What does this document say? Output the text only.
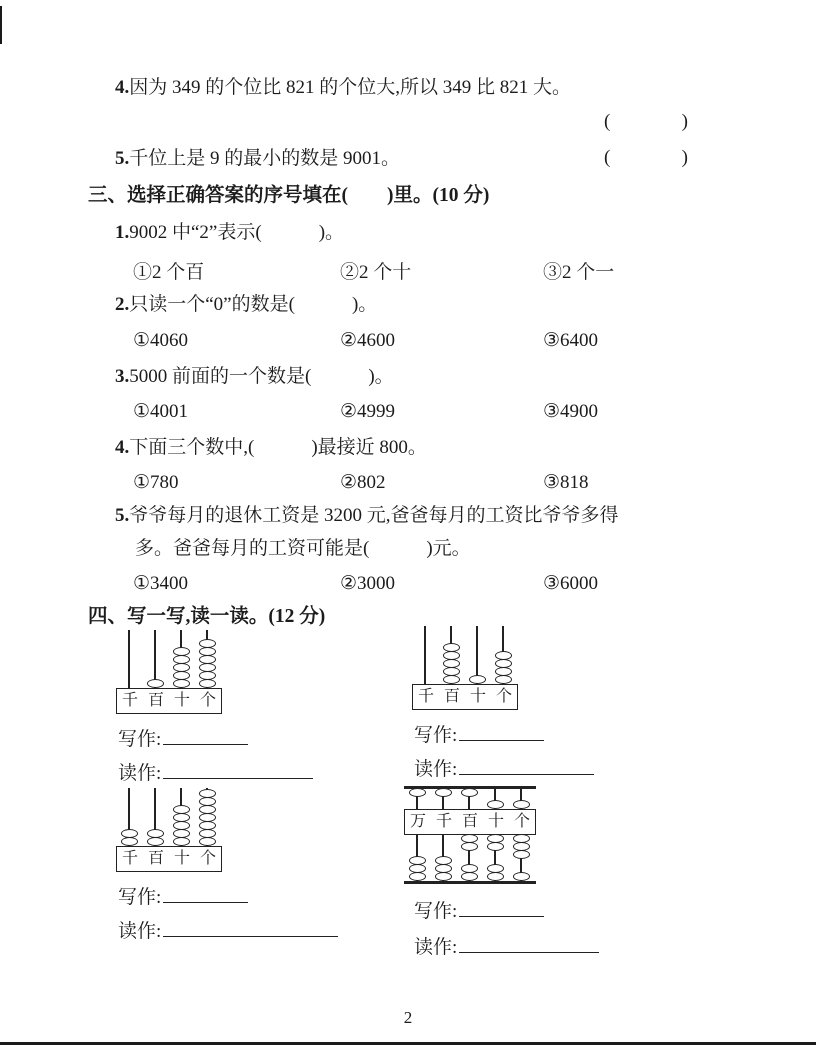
4.因为 349 的个位比 821 的个位大,所以 349 比 821 大。
(	)
5.千位上是 9 的最小的数是 9001。	(	)
三、选择正确答案的序号填在(　　)里。(10 分)
1.9002 中“2”表示(　　　)。
①2 个百	②2 个十	③2 个一
2.只读一个“0”的数是(　　　)。
①4060	②4600	③6400
3.5000 前面的一个数是(　　　)。
①4001	②4999	③4900
4.下面三个数中,(　　　)最接近 800。
①780	②802	③818
5.爷爷每月的退休工资是 3200 元,爸爸每月的工资比爷爷多得
多。爸爸每月的工资可能是(　　　)元。
①3400	②3000	③6000
四、写一写,读一读。(12 分)
千 百 十 个	千 百 十 个
千 百 十 个
万 千 百 十 个
写作:
读作:
写作:
读作:
写作:
读作:
写作:
读作:
2
